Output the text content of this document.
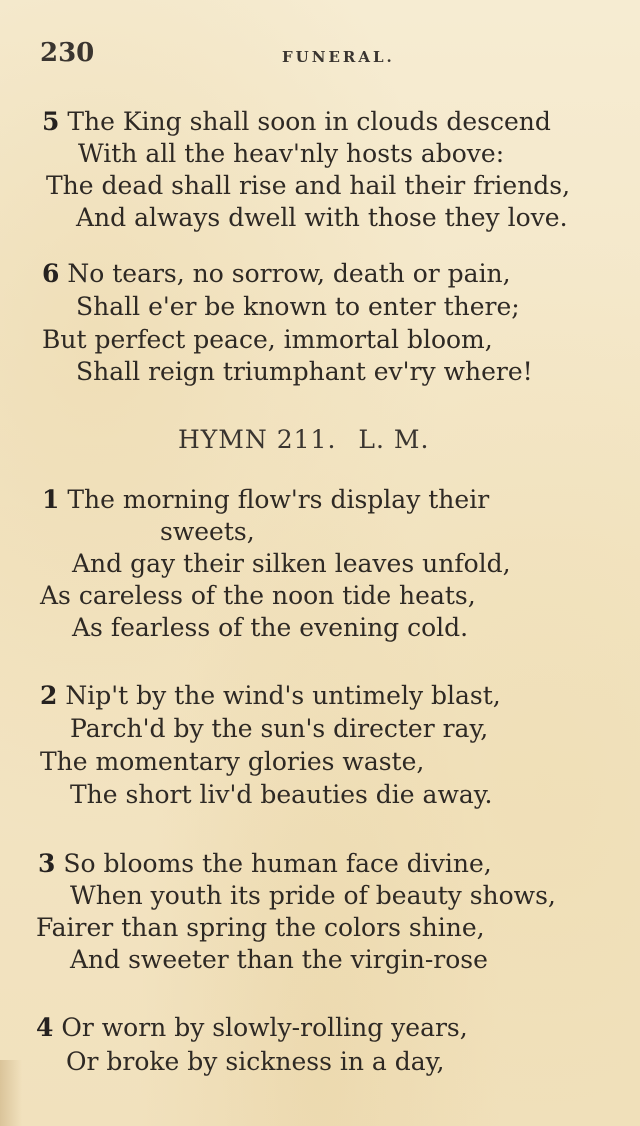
230	FUNERAL.
5 The King shall soon in clouds descend
With all the heav'nly hosts above:
The dead shall rise and hail their friends,
And always dwell with those they love.
6 No tears, no sorrow, death or pain,
Shall e'er be known to enter there;
But perfect peace, immortal bloom,
Shall reign triumphant ev'ry where!
HYMN 211. L. M.
1 The morning flow'rs display their
sweets,
And gay their silken leaves unfold,
As careless of the noon tide heats,
As fearless of the evening cold.
2 Nip't by the wind's untimely blast,
Parch'd by the sun's directer ray,
The momentary glories waste,
The short liv'd beauties die away.
3 So blooms the human face divine,
When youth its pride of beauty shows,
Fairer than spring the colors shine,
And sweeter than the virgin-rose
4 Or worn by slowly-rolling years,
Or broke by sickness in a day,
